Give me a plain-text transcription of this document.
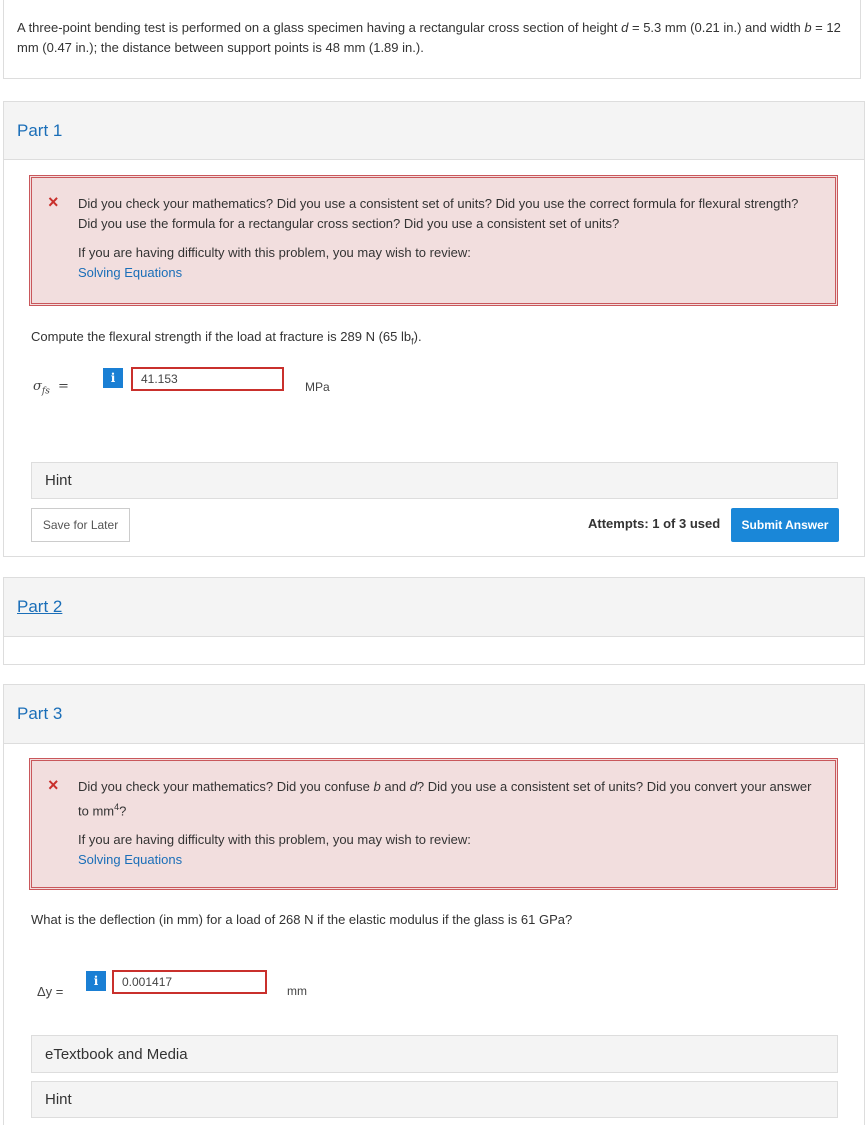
A three-point bending test is performed on a glass specimen having a rectangular cross section of height d = 5.3 mm (0.21 in.) and width b = 12 mm (0.47 in.); the distance between support points is 48 mm (1.89 in.).
Part 1
× Did you check your mathematics? Did you use a consistent set of units? Did you use the correct formula for flexural strength? Did you use the formula for a rectangular cross section? Did you use a consistent set of units?

If you are having difficulty with this problem, you may wish to review:

Solving Equations

Compute the flexural strength if the load at fracture is 289 N (65 $lb_f$).
$\sigma_{fs}$ =
i
41.153
MPa
Hint
Save for Later	Attempts: 1 of 3 used	Submit Answer
Part 2
Part 3
× Did you check your mathematics? Did you confuse b and d? Did you use a consistent set of units? Did you convert your answer to $mm^4$?

If you are having difficulty with this problem, you may wish to review:

Solving Equations

What is the deflection (in mm) for a load of 268 N if the elastic modulus if the glass is 61 GPa?
Δy =
i
0.001417
mm
eTextbook and Media
Hint
